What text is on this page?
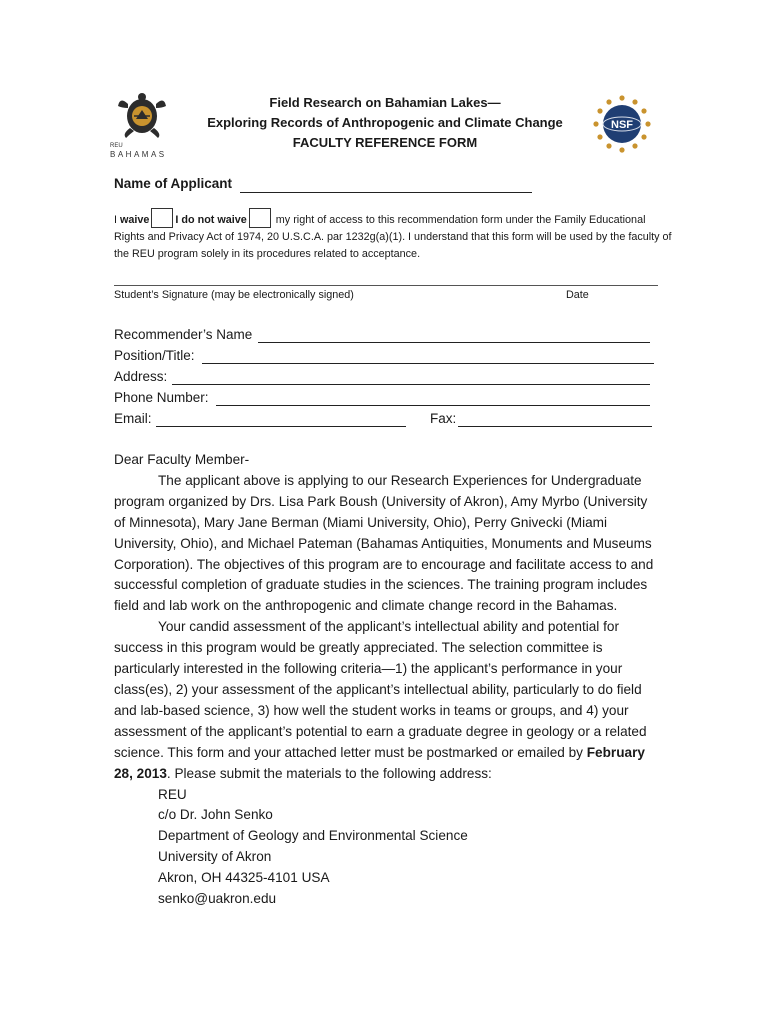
REU
BAHAMAS
NSF
Field Research on Bahamian Lakes—
Exploring Records of Anthropogenic and Climate Change
FACULTY REFERENCE FORM
Name of Applicant
I waive I do not waive my right of access to this recommendation form under the Family Educational Rights and Privacy Act of 1974, 20 U.S.C.A. par 1232g(a)(1). I understand that this form will be used by the faculty of the REU program solely in its procedures related to acceptance.
Student’s Signature (may be electronically signed)	Date
Recommender’s Name
Position/Title:
Address:
Phone Number:
Email:	Fax:

Dear Faculty Member-

The applicant above is applying to our Research Experiences for Undergraduate program organized by Drs. Lisa Park Boush (University of Akron), Amy Myrbo (University of Minnesota), Mary Jane Berman (Miami University, Ohio), Perry Gnivecki (Miami University, Ohio), and Michael Pateman (Bahamas Antiquities, Monuments and Museums Corporation). The objectives of this program are to encourage and facilitate access to and successful completion of graduate studies in the sciences. The training program includes field and lab work on the anthropogenic and climate change record in the Bahamas.

Your candid assessment of the applicant’s intellectual ability and potential for success in this program would be greatly appreciated. The selection committee is particularly interested in the following criteria—1) the applicant’s performance in your class(es), 2) your assessment of the applicant’s intellectual ability, particularly to do field and lab-based science, 3) how well the student works in teams or groups, and 4) your assessment of the applicant’s potential to earn a graduate degree in geology or a related science. This form and your attached letter must be postmarked or emailed by February 28, 2013. Please submit the materials to the following address:

REU

c/o Dr. John Senko

Department of Geology and Environmental Science

University of Akron

Akron, OH 44325-4101 USA

senko@uakron.edu
